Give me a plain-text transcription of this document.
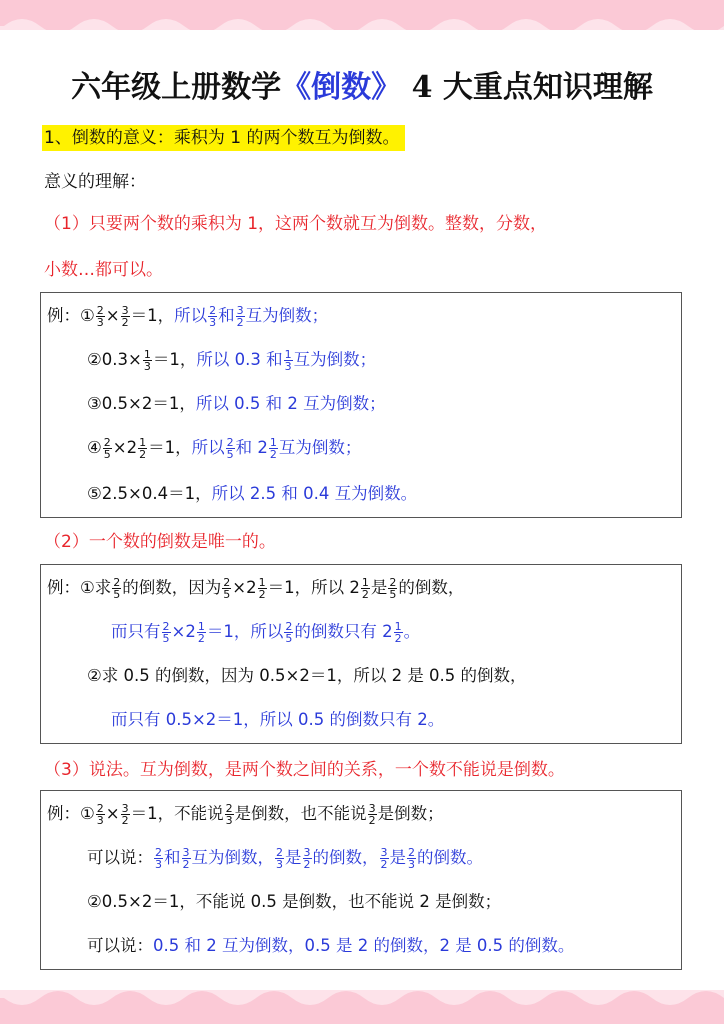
六年级上册数学《倒数》 4 大重点知识理解
1、倒数的意义：乘积为 1 的两个数互为倒数。
意义的理解：
（1）只要两个数的乘积为 1，这两个数就互为倒数。整数，分数，
小数…都可以。
例：① $\frac{2}{3} \times \frac{3}{2} =1$，所以 $\frac{2}{3}$ 和 $\frac{3}{2}$ 互为倒数；
②0.3× $\frac{1}{3} =1$，所以 0.3 和 $\frac{1}{3}$ 互为倒数；
③0.5×2＝1，所以 0.5 和 2 互为倒数；
④ $\frac{2}{5} \times 2 \frac{1}{2} =1$，所以 $\frac{2}{5}$ 和 $2 \frac{1}{2}$ 互为倒数；
⑤2.5×0.4＝1，所以 2.5 和 0.4 互为倒数。
（2）一个数的倒数是唯一的。
例：①求 $\frac{2}{5}$ 的倒数，因为 $\frac{2}{5} \times 2 \frac{1}{2} =1$，所以 $2 \frac{1}{2}$ 是 $\frac{2}{5}$ 的倒数，
而只有 $\frac{2}{5} \times 2 \frac{1}{2} =1$，所以 $\frac{2}{5}$ 的倒数只有 $2 \frac{1}{2}$ 。
②求 0.5 的倒数，因为 0.5×2＝1，所以 2 是 0.5 的倒数，
而只有 0.5×2＝1，所以 0.5 的倒数只有 2。
（3）说法。互为倒数，是两个数之间的关系，一个数不能说是倒数。
例：① $\frac{2}{3} \times \frac{3}{2} =1$，不能说 $\frac{2}{3}$ 是倒数，也不能说 $\frac{3}{2}$ 是倒数；
可以说： $\frac{2}{3}$ 和 $\frac{3}{2}$ 互为倒数， $\frac{2}{3}$ 是 $\frac{3}{2}$ 的倒数， $\frac{3}{2}$ 是 $\frac{2}{3}$ 的倒数。
②0.5×2＝1，不能说 0.5 是倒数，也不能说 2 是倒数；
可以说：0.5 和 2 互为倒数，0.5 是 2 的倒数，2 是 0.5 的倒数。
